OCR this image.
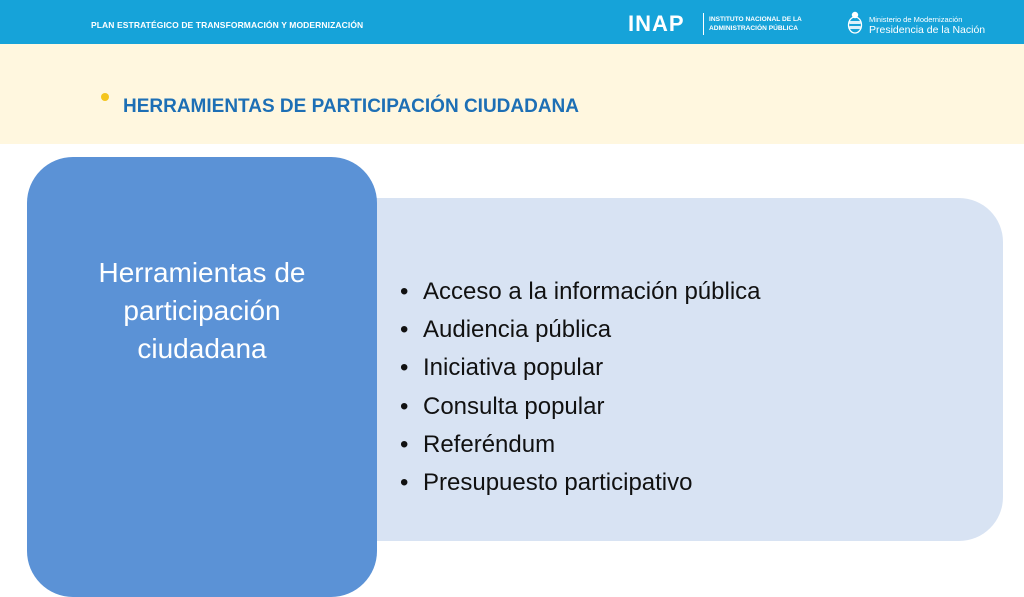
PLAN ESTRATÉGICO DE TRANSFORMACIÓN Y MODERNIZACIÓN	INAP	INSTITUTO NACIONAL DE LA
ADMINISTRACIÓN PÚBLICA
Ministerio de Modernización
Presidencia de la Nación
HERRAMIENTAS DE PARTICIPACIÓN CIUDADANA
• Acceso a la información pública
• Audiencia pública
• Iniciativa popular
• Consulta popular
• Referéndum
• Presupuesto participativo
Herramientas de
participación
ciudadana
